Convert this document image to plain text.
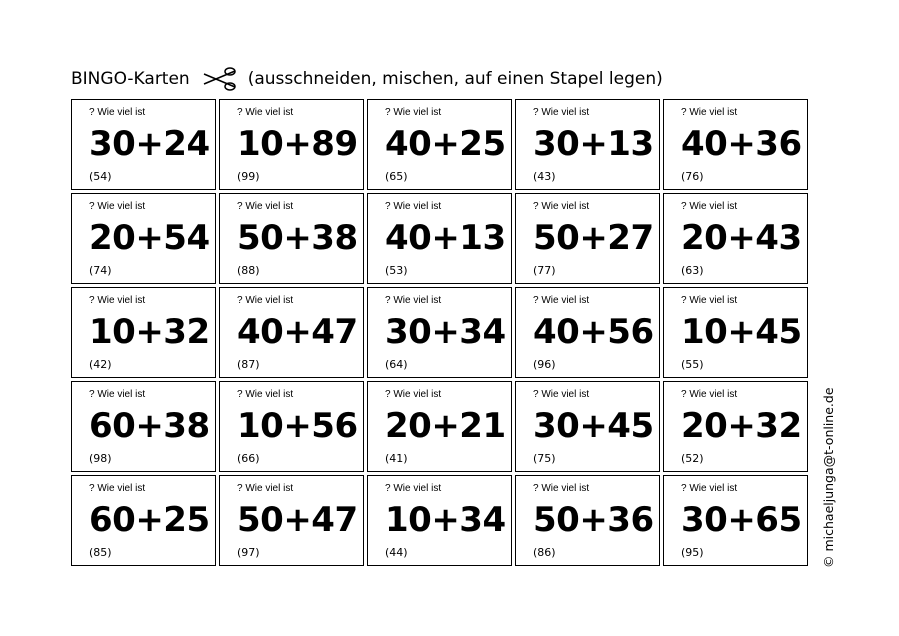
BINGO-Karten	(ausschneiden, mischen, auf einen Stapel legen)
? Wie viel ist
30+24
(54)
? Wie viel ist
10+89
(99)
? Wie viel ist
40+25
(65)
? Wie viel ist
30+13
(43)
? Wie viel ist
40+36
(76)
? Wie viel ist
20+54
(74)
? Wie viel ist
50+38
(88)
? Wie viel ist
40+13
(53)
? Wie viel ist
50+27
(77)
? Wie viel ist
20+43
(63)
? Wie viel ist
10+32
(42)
? Wie viel ist
40+47
(87)
? Wie viel ist
30+34
(64)
? Wie viel ist
40+56
(96)
? Wie viel ist
10+45
(55)
? Wie viel ist
60+38
(98)
? Wie viel ist
10+56
(66)
? Wie viel ist
20+21
(41)
? Wie viel ist
30+45
(75)
? Wie viel ist
20+32
(52)
? Wie viel ist
60+25
(85)
? Wie viel ist
50+47
(97)
? Wie viel ist
10+34
(44)
? Wie viel ist
50+36
(86)
? Wie viel ist
30+65
(95)	© michaeljunga@t-online.de
